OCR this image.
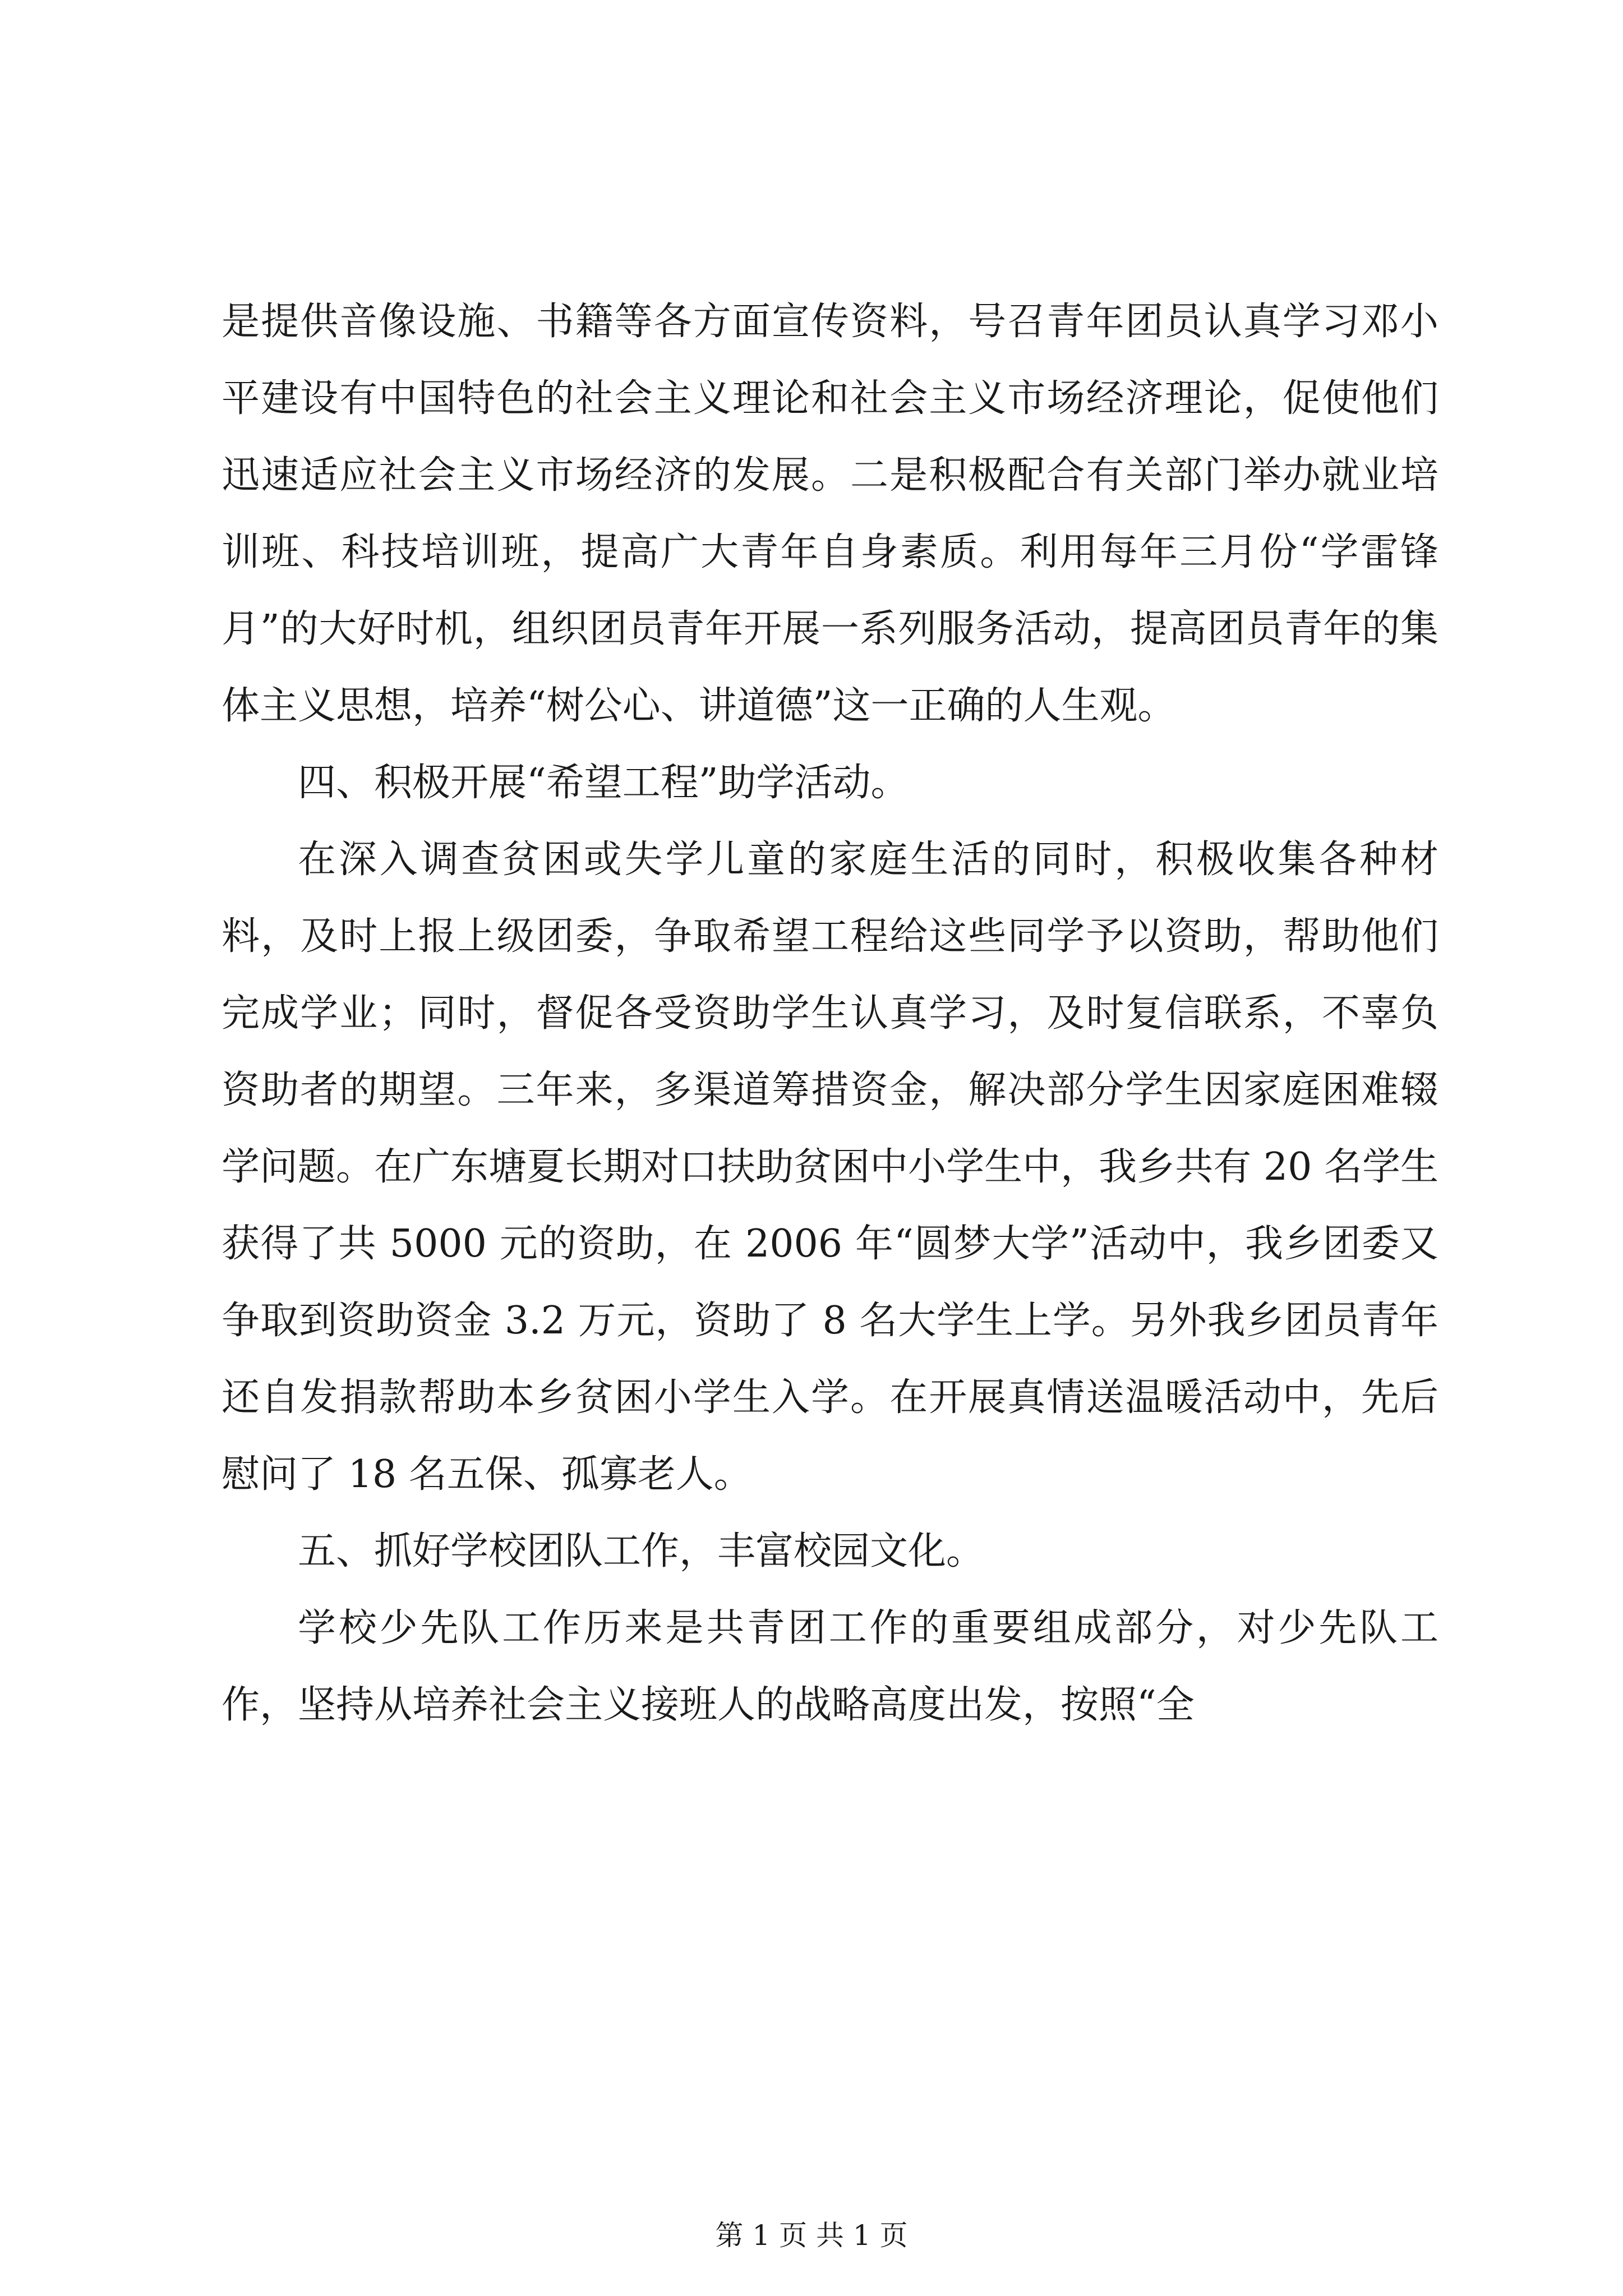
是提供音像设施、书籍等各方面宣传资料，号召青年团员认真学习邓小平建设有中国特色的社会主义理论和社会主义市场经济理论，促使他们迅速适应社会主义市场经济的发展。二是积极配合有关部门举办就业培训班、科技培训班，提高广大青年自身素质。利用每年三月份“学雷锋月”的大好时机，组织团员青年开展一系列服务活动，提高团员青年的集体主义思想，培养“树公心、讲道德”这一正确的人生观。

四、积极开展“希望工程”助学活动。

在深入调查贫困或失学儿童的家庭生活的同时，积极收集各种材料，及时上报上级团委，争取希望工程给这些同学予以资助，帮助他们完成学业；同时，督促各受资助学生认真学习，及时复信联系，不辜负资助者的期望。三年来，多渠道筹措资金，解决部分学生因家庭困难辍学问题。在广东塘夏长期对口扶助贫困中小学生中，我乡共有 20 名学生获得了共 5000 元的资助，在 2006 年“圆梦大学”活动中，我乡团委又争取到资助资金 3.2 万元，资助了 8 名大学生上学。另外我乡团员青年还自发捐款帮助本乡贫困小学生入学。在开展真情送温暖活动中，先后慰问了 18 名五保、孤寡老人。

五、抓好学校团队工作，丰富校园文化。

学校少先队工作历来是共青团工作的重要组成部分，对少先队工作，坚持从培养社会主义接班人的战略高度出发，按照“全

第 1 页 共 1 页
